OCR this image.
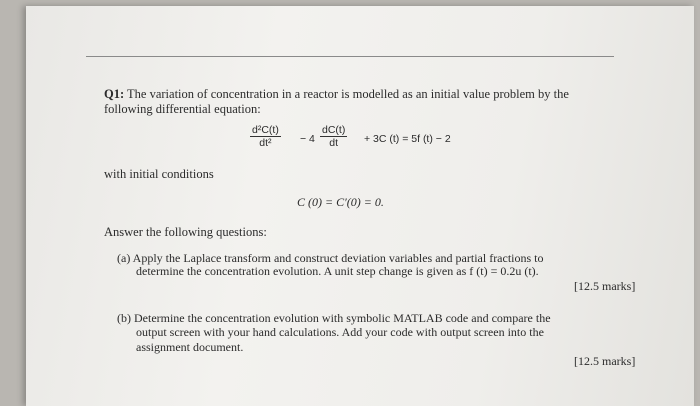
Q1: The variation of concentration in a reactor is modelled as an initial value problem by the
following differential equation:
$\frac{\text{d²C(t)}}{\text{dt²}} - 4 \frac{dC(t)}{dt} + 3C$ (t) = 5f (t) − 2
with initial conditions
C (0) = C′(0) = 0.
Answer the following questions:
(a) Apply the Laplace transform and construct deviation variables and partial fractions to
determine the concentration evolution. A unit step change is given as f (t) = 0.2u (t).
[12.5 marks]
(b) Determine the concentration evolution with symbolic MATLAB code and compare the
output screen with your hand calculations. Add your code with output screen into the
assignment document.
[12.5 marks]
